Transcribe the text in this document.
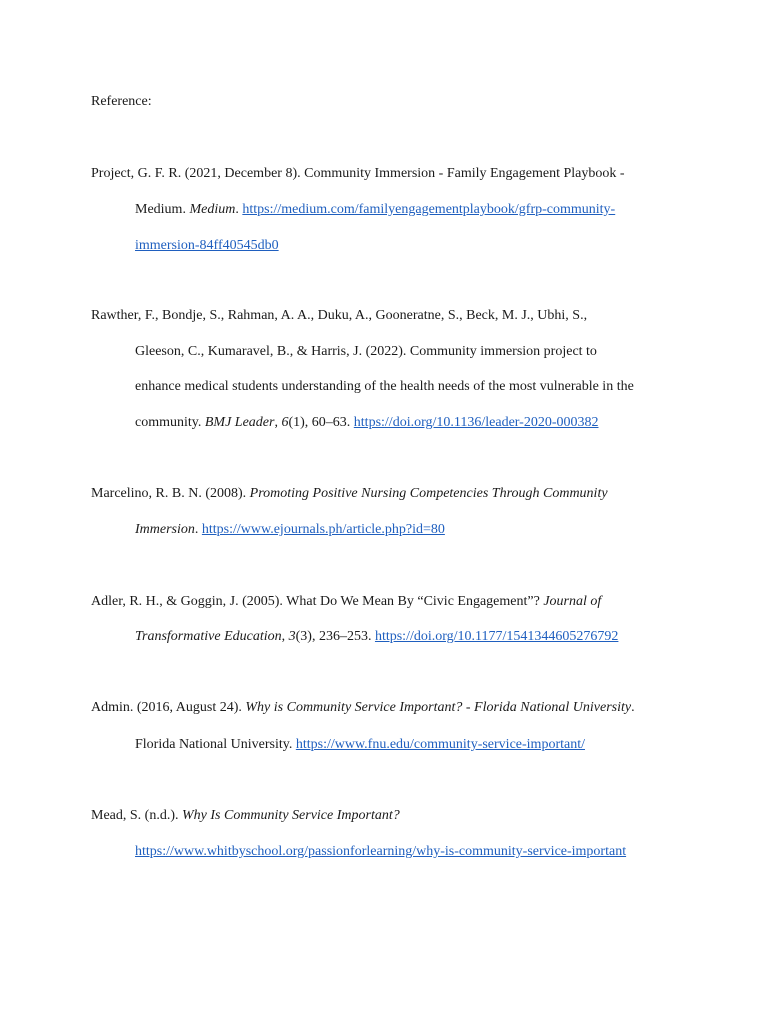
Reference:
Project, G. F. R. (2021, December 8). Community Immersion - Family Engagement Playbook -
Medium. Medium. https://medium.com/familyengagementplaybook/gfrp-community-
immersion-84ff40545db0
Rawther, F., Bondje, S., Rahman, A. A., Duku, A., Gooneratne, S., Beck, M. J., Ubhi, S.,
Gleeson, C., Kumaravel, B., & Harris, J. (2022). Community immersion project to
enhance medical students understanding of the health needs of the most vulnerable in the
community. BMJ Leader, 6(1), 60–63. https://doi.org/10.1136/leader-2020-000382
Marcelino, R. B. N. (2008). Promoting Positive Nursing Competencies Through Community
Immersion. https://www.ejournals.ph/article.php?id=80
Adler, R. H., & Goggin, J. (2005). What Do We Mean By “Civic Engagement”? Journal of
Transformative Education, 3(3), 236–253. https://doi.org/10.1177/1541344605276792
Admin. (2016, August 24). Why is Community Service Important? - Florida National University.
Florida National University. https://www.fnu.edu/community-service-important/
Mead, S. (n.d.). Why Is Community Service Important?
https://www.whitbyschool.org/passionforlearning/why-is-community-service-important
